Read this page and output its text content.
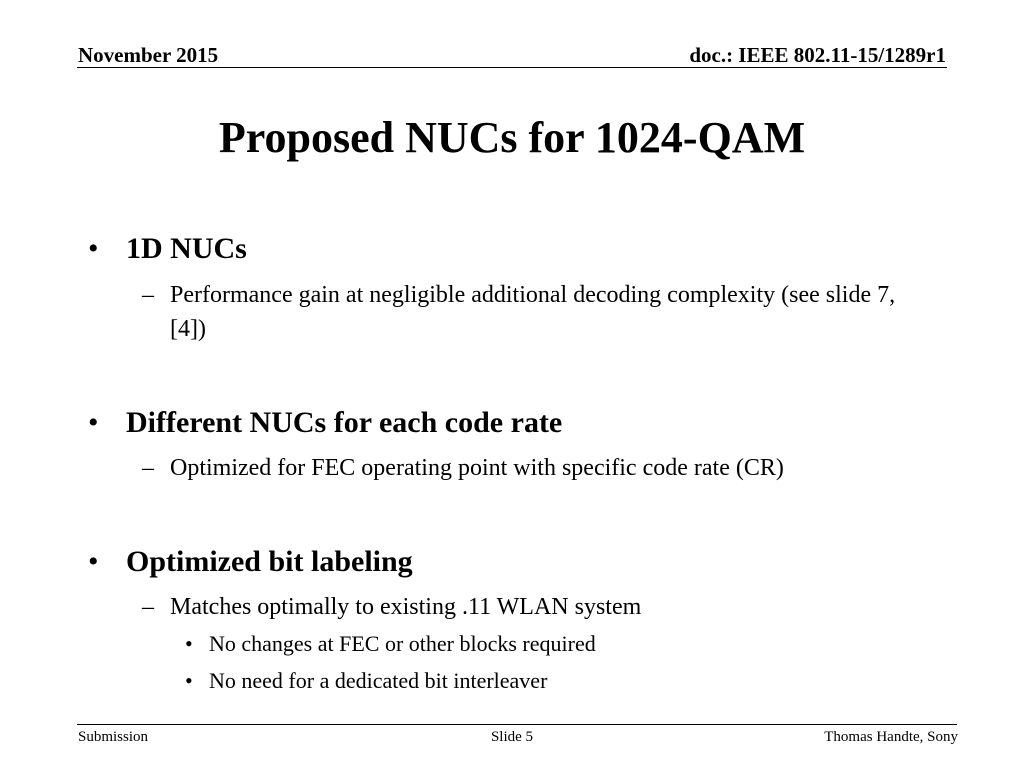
November 2015	doc.: IEEE 802.11-15/1289r1
Proposed NUCs for 1024-QAM
• 1D NUCs
– Performance gain at negligible additional decoding complexity (see slide 7, [4])
• Different NUCs for each code rate
– Optimized for FEC operating point with specific code rate (CR)
• Optimized bit labeling
– Matches optimally to existing .11 WLAN system
• No changes at FEC or other blocks required
• No need for a dedicated bit interleaver
Submission	Slide 5	Thomas Handte, Sony
